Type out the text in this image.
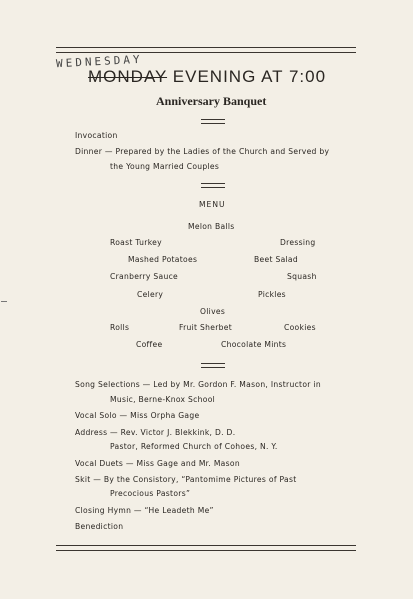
WEDNESDAY
MONDAY EVENING AT 7:00
Anniversary Banquet
Invocation
Dinner — Prepared by the Ladies of the Church and Served by
the Young Married Couples
MENU
Melon Balls
Roast Turkey	Dressing
Mashed Potatoes	Beet Salad
Cranberry Sauce	Squash
Celery	Pickles
Olives
Rolls	Fruit Sherbet	Cookies
Coffee	Chocolate Mints
Song Selections — Led by Mr. Gordon F. Mason, Instructor in
Music, Berne-Knox School
Vocal Solo — Miss Orpha Gage
Address — Rev. Victor J. Blekkink, D. D.
Pastor, Reformed Church of Cohoes, N. Y.
Vocal Duets — Miss Gage and Mr. Mason
Skit — By the Consistory, “Pantomime Pictures of Past
Precocious Pastors”
Closing Hymn — “He Leadeth Me”
Benediction
